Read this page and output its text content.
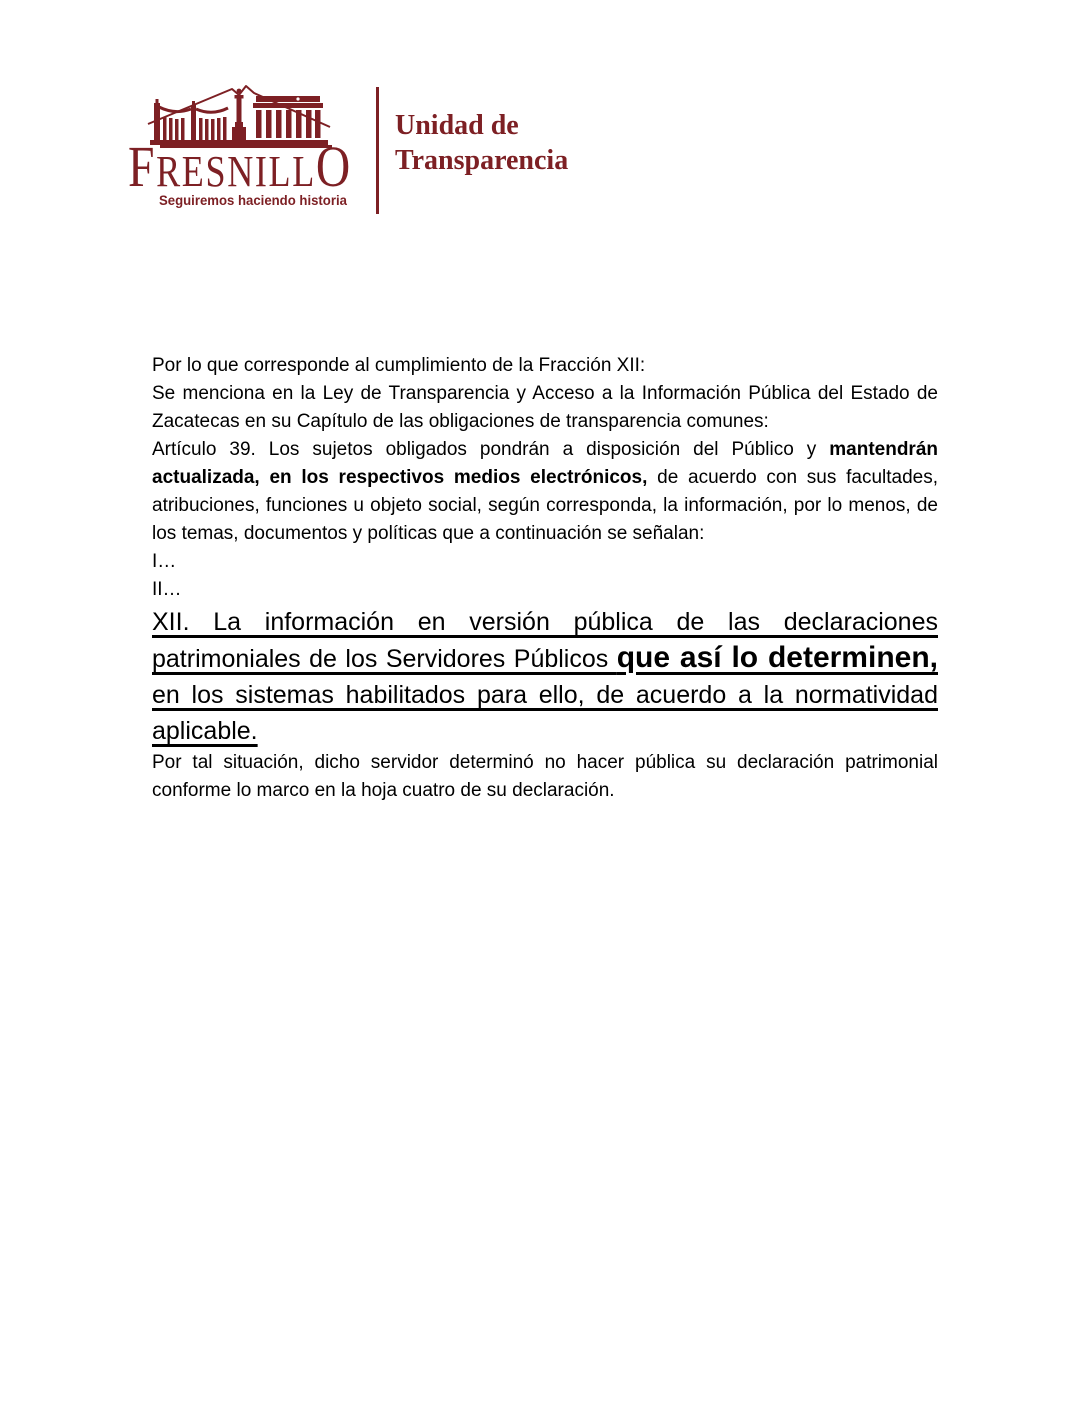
FRESNILLO
Seguiremos haciendo historia
Unidad de
Transparencia

Por lo que corresponde al cumplimiento de la Fracción XII:

Se menciona en la Ley de Transparencia y Acceso a la Información Pública del Estado de Zacatecas en su Capítulo de las obligaciones de transparencia comunes:

Artículo 39. Los sujetos obligados pondrán a disposición del Público y mantendrán actualizada, en los respectivos medios electrónicos, de acuerdo con sus facultades, atribuciones, funciones u objeto social, según corresponda, la información, por lo menos, de los temas, documentos y políticas que a continuación se señalan:

I…

II…

XII. La información en versión pública de las declaraciones patrimoniales de los Servidores Públicos que así lo determinen, en los sistemas habilitados para ello, de acuerdo a la normatividad aplicable.

Por tal situación, dicho servidor determinó no hacer pública su declaración patrimonial conforme lo marco en la hoja cuatro de su declaración.
